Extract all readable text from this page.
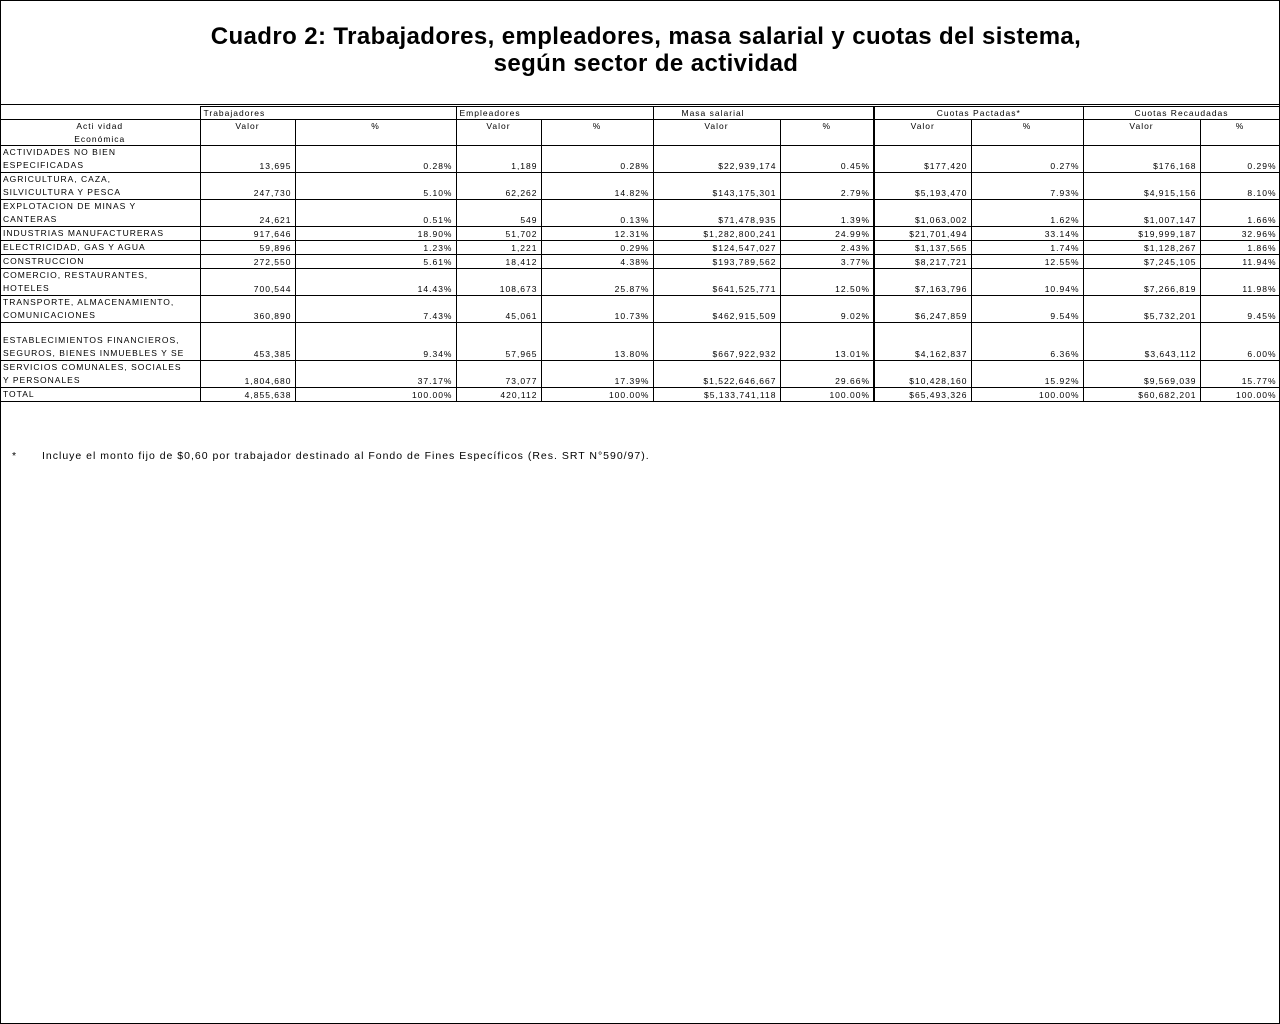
Cuadro 2: Trabajadores, empleadores, masa salarial y cuotas del sistema,
según sector de actividad
	Trabajadores		Empleadores		Masa salarial		Cuotas Pactadas*		Cuotas Recaudadas	
Acti vidad	Valor	%	Valor	%	Valor	%	Valor	%	Valor	%
Económica										

ACTIVIDADES NO BIEN
ESPECIFICADAS	13,695	0.28%	1,189	0.28%	$22,939,174	0.45%	$177,420	0.27%	$176,168	0.29%

AGRICULTURA, CAZA,
SILVICULTURA Y PESCA	247,730	5.10%	62,262	14.82%	$143,175,301	2.79%	$5,193,470	7.93%	$4,915,156	8.10%

EXPLOTACION DE MINAS Y
CANTERAS	24,621	0.51%	549	0.13%	$71,478,935	1.39%	$1,063,002	1.62%	$1,007,147	1.66%

INDUSTRIAS MANUFACTURERAS	917,646	18.90%	51,702	12.31%	$1,282,800,241	24.99%	$21,701,494	33.14%	$19,999,187	32.96%

ELECTRICIDAD, GAS Y AGUA	59,896	1.23%	1,221	0.29%	$124,547,027	2.43%	$1,137,565	1.74%	$1,128,267	1.86%

CONSTRUCCION	272,550	5.61%	18,412	4.38%	$193,789,562	3.77%	$8,217,721	12.55%	$7,245,105	11.94%

COMERCIO, RESTAURANTES,
HOTELES	700,544	14.43%	108,673	25.87%	$641,525,771	12.50%	$7,163,796	10.94%	$7,266,819	11.98%

TRANSPORTE, ALMACENAMIENTO,
COMUNICACIONES	360,890	7.43%	45,061	10.73%	$462,915,509	9.02%	$6,247,859	9.54%	$5,732,201	9.45%

ESTABLECIMIENTOS FINANCIEROS,
SEGUROS, BIENES INMUEBLES Y SE	453,385	9.34%	57,965	13.80%	$667,922,932	13.01%	$4,162,837	6.36%	$3,643,112	6.00%

SERVICIOS COMUNALES, SOCIALES
Y PERSONALES	1,804,680	37.17%	73,077	17.39%	$1,522,646,667	29.66%	$10,428,160	15.92%	$9,569,039	15.77%

TOTAL	4,855,638	100.00%	420,112	100.00%	$5,133,741,118	100.00%	$65,493,326	100.00%	$60,682,201	100.00%
* Incluye el monto fijo de $0,60 por trabajador destinado al Fondo de Fines Específicos (Res. SRT N°590/97).
